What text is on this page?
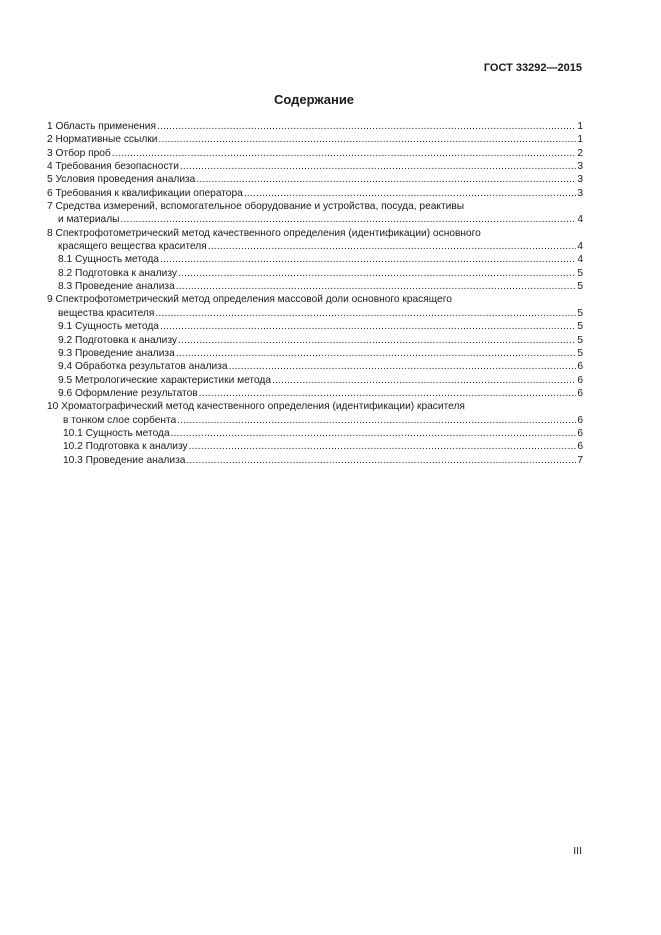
ГОСТ 33292—2015
Содержание
1 Область применения .....	1
2 Нормативные ссылки .....	1
3 Отбор проб .....	2
4 Требования безопасности .....	3
5 Условия проведения анализа .....	3
6 Требования к квалификации оператора .....	3
7 Средства измерений, вспомогательное оборудование и устройства, посуда, реактивы
и материалы .....	4
8 Спектрофотометрический метод качественного определения (идентификации) основного
красящего вещества красителя .....	4
8.1 Сущность метода .....	4
8.2 Подготовка к анализу .....	5
8.3 Проведение анализа .....	5
9 Спектрофотометрический метод определения массовой доли основного красящего
вещества красителя .....	5
9.1 Сущность метода .....	5
9.2 Подготовка к анализу .....	5
9.3 Проведение анализа .....	5
9.4 Обработка результатов анализа .....	6
9.5 Метрологические характеристики метода .....	6
9.6 Оформление результатов .....	6
10 Хроматографический метод качественного определения (идентификации) красителя
в тонком слое сорбента .....	6
10.1 Сущность метода .....	6
10.2 Подготовка к анализу .....	6
10.3 Проведение анализа .....	7
III
